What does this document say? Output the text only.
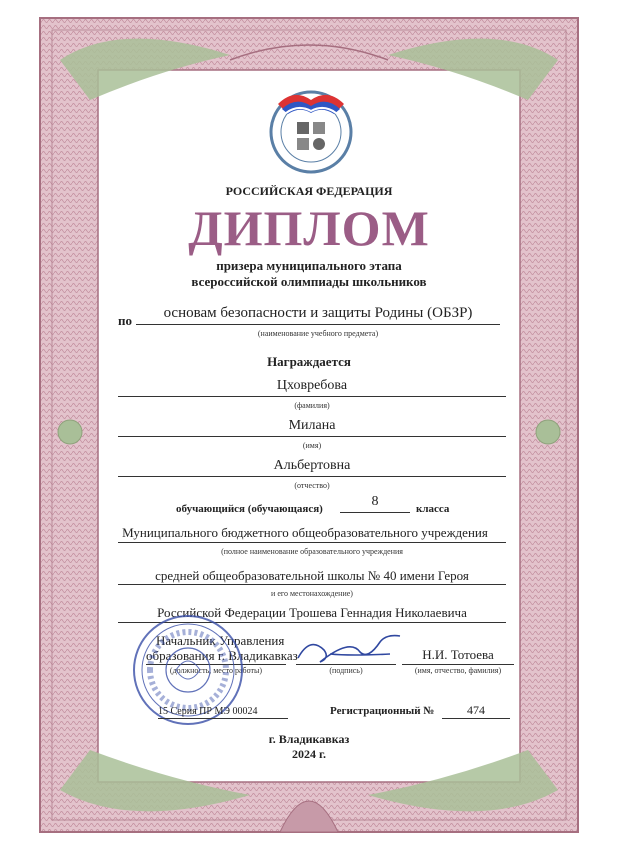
РОССИЙСКАЯ ФЕДЕРАЦИЯ
ДИПЛОМ
призера муниципального этапа
всероссийской олимпиады школьников
по	основам безопасности и защиты Родины (ОБЗР)
(наименование учебного предмета)
Награждается
Цховребова
(фамилия)
Милана
(имя)
Альбертовна
(отчество)
обучающийся (обучающаяся)	8	класса
Муниципального бюджетного общеобразовательного учреждения
(полное наименование образовательного учреждения
средней общеобразовательной школы № 40 имени Героя
и его местонахождение)
Российской Федерации Трошева Геннадия Николаевича
Начальник Управления
образования г. Владикавказ
(должность, место работы)	(подпись)
Н.И. Тотоева
(имя, отчество, фамилия)
15 Серия ПР МЭ 00024	Регистрационный №	474
г. Владикавказ
2024 г.
